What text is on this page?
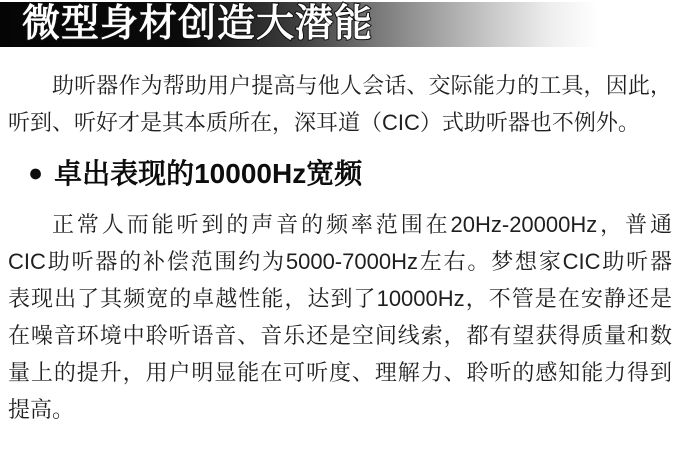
微型身材创造大潜能
助听器作为帮助用户提高与他人会话、交际能力的工具，因此，
听到、听好才是其本质所在，深耳道（CIC）式助听器也不例外。
● 卓出表现的10000Hz宽频
正常人而能听到的声音的频率范围在20Hz-20000Hz，普通
CIC助听器的补偿范围约为5000-7000Hz左右。梦想家CIC助听器
表现出了其频宽的卓越性能，达到了10000Hz，不管是在安静还是
在噪音环境中聆听语音、音乐还是空间线索，都有望获得质量和数
量上的提升，用户明显能在可听度、理解力、聆听的感知能力得到
提高。
